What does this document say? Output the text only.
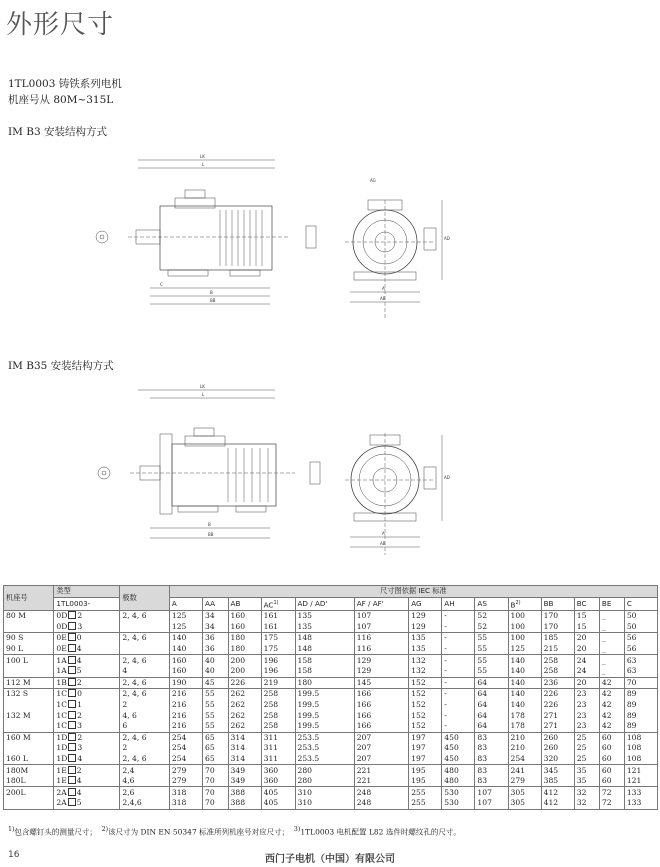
外形尺寸
1TL0003 铸铁系列电机
机座号从 80M~315L
IM B3 安装结构方式
IM B35 安装结构方式
LK
L
C
B
BB
A
AB
AD
AG
LK
L
B
BB	A
AB
AD
机座号	类型	极数	尺寸图依据 IEC 标准													
	1TL0003-		A	AA	AB	AC$^{1)}$	AD / AD'	AF / AF'	AG	AH	AS	$B^{2)}$	BB	BC	BE	C
80 M	0D 2	2, 4, 6	125	34	160	161	135	107	129	-	52	100	170	15	_	50
	0D 3		125	34	160	161	135	107	129	-	52	100	170	15	_	50
90 S	0E 0	2, 4, 6	140	36	180	175	148	116	135	-	55	100	185	20	_	56
90 L	0E 4		140	36	180	175	148	116	135	-	55	125	215	20	_	56
100 L	1A 4	2, 4, 6	160	40	200	196	158	129	132	-	55	140	258	24	_	63
	1A 5	4	160	40	200	196	158	129	132	-	55	140	258	24	_	63
112 M	1B 2	2, 4, 6	190	45	226	219	180	145	152	-	64	140	236	20	42	70
132 S	1C 0	2, 4, 6	216	55	262	258	199.5	166	152	-	64	140	226	23	42	89
	1C 1	2	216	55	262	258	199.5	166	152	-	64	140	226	23	42	89
132 M	1C 2	4, 6	216	55	262	258	199.5	166	152	-	64	178	271	23	42	89
	1C 3	6	216	55	262	258	199.5	166	152	-	64	178	271	23	42	89
160 M	1D 2	2, 4, 6	254	65	314	311	253.5	207	197	450	83	210	260	25	60	108
	1D 3	2	254	65	314	311	253.5	207	197	450	83	210	260	25	60	108
160 L	1D 4	2, 4, 6	254	65	314	311	253.5	207	197	450	83	254	320	25	60	108
180M	1E 2	2,4	279	70	349	360	280	221	195	480	83	241	345	35	60	121
180L	1E 4	4,6	279	70	349	360	280	221	195	480	83	279	385	35	60	121
200L	2A 4	2,6	318	70	388	405	310	248	255	530	107	305	412	32	72	133
	2A 5	2,4,6	318	70	388	405	310	248	255	530	107	305	412	32	72	133
$^{1)}$包含螺钉头的测量尺寸； $^{2)}$该尺寸为 DIN EN 50347 标准所列机座号对应尺寸； $^{3)}$1TL0003 电机配置 L82 选件时螺纹孔的尺寸。
16	西门子电机（中国）有限公司
